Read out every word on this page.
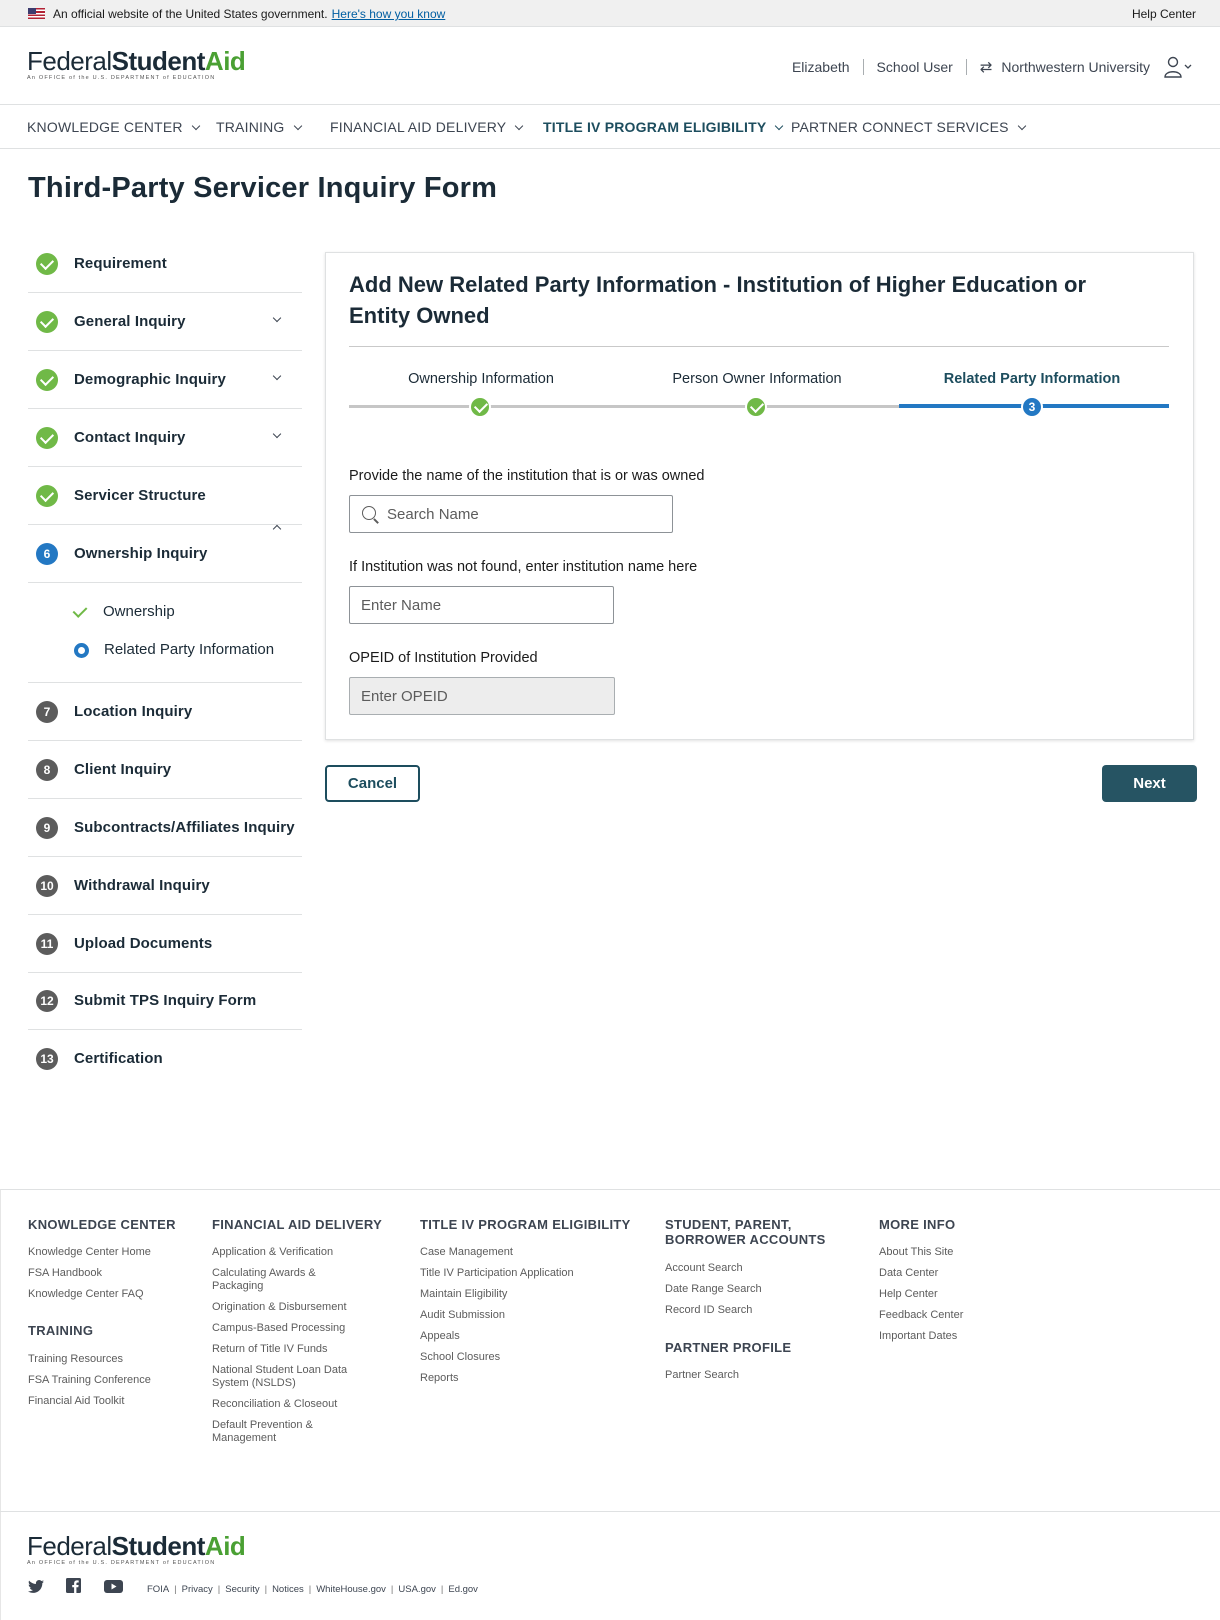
An official website of the United States government. Here's how you know	Help Center
FederalStudentAid
An OFFICE of the U.S. DEPARTMENT of EDUCATION
Elizabeth School User ⇄ Northwestern University
KNOWLEDGE CENTER	TRAINING	FINANCIAL AID DELIVERY	TITLE IV PROGRAM ELIGIBILITY	PARTNER CONNECT SERVICES
Third-Party Servicer Inquiry Form
Requirement
General Inquiry
Demographic Inquiry
Contact Inquiry
Servicer Structure
6	Ownership Inquiry
Ownership
Related Party Information
7	Location Inquiry
8	Client Inquiry
9	Subcontracts/Affiliates Inquiry
10 Withdrawal Inquiry
11	Upload Documents
12 Submit TPS Inquiry Form
13 Certification
Add New Related Party Information - Institution of Higher Education or Entity Owned
Ownership Information	Person Owner Information	Related Party Information
3
Provide the name of the institution that is or was owned
Search Name
If Institution was not found, enter institution name here
Enter Name
OPEID of Institution Provided
Enter OPEID
Cancel	Next
KNOWLEDGE CENTER
Knowledge Center Home
FSA Handbook
Knowledge Center FAQ
TRAINING
Training Resources
FSA Training Conference
Financial Aid Toolkit
FINANCIAL AID DELIVERY
Application & Verification
Calculating Awards & Packaging
Origination & Disbursement
Campus-Based Processing
Return of Title IV Funds
National Student Loan Data System (NSLDS)
Reconciliation & Closeout
Default Prevention & Management
TITLE IV PROGRAM ELIGIBILITY
Case Management
Title IV Participation Application
Maintain Eligibility
Audit Submission
Appeals
School Closures
Reports
STUDENT, PARENT, BORROWER ACCOUNTS
Account Search
Date Range Search
Record ID Search
PARTNER PROFILE
Partner Search
MORE INFO
About This Site
Data Center
Help Center
Feedback Center
Important Dates
FederalStudentAid
An OFFICE of the U.S. DEPARTMENT of EDUCATION
FOIA | Privacy | Security | Notices | WhiteHouse.gov | USA.gov | Ed.gov
